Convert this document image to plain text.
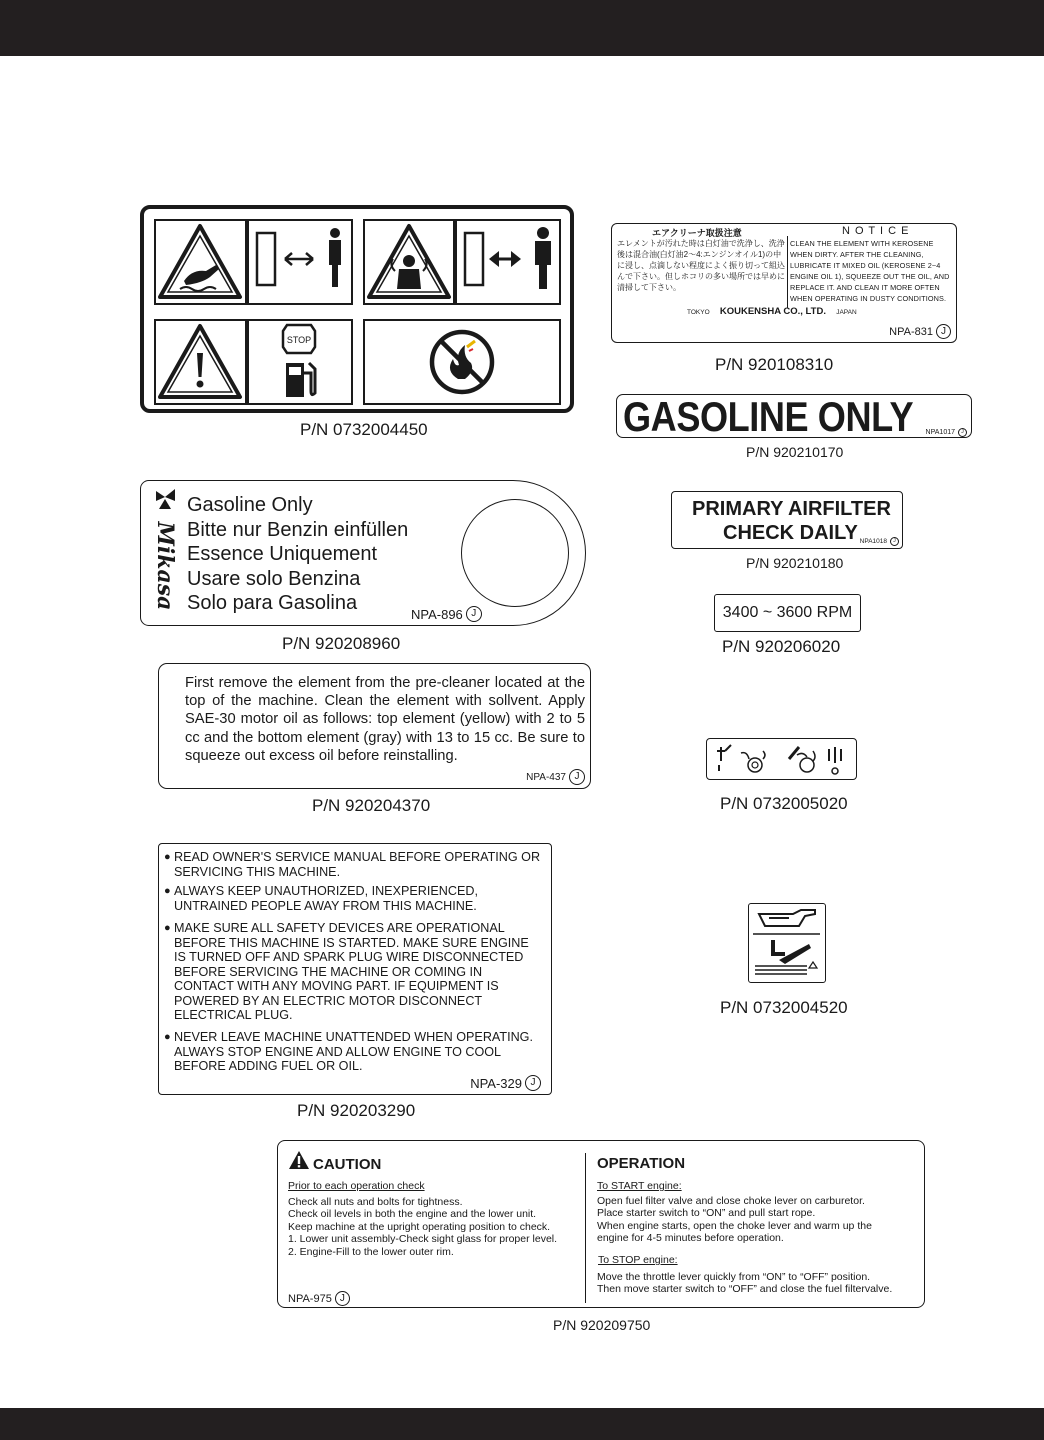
STOP
P/N 0732004450
エアクリーナ取扱注意	N O T I C E
エレメントが汚れた時は白灯油で洗浄し、洗浄後は混合油(白灯油2〜4:エンジンオイル1)の中に浸し、点滴しない程度によく振り切って組込んで下さい。但しホコリの多い場所では早めに清掃して下さい。
CLEAN THE ELEMENT WITH KEROSENE WHEN DIRTY. AFTER THE CLEANING, LUBRICATE IT MIXED OIL (KEROSENE 2~4 ENGINE OIL 1), SQUEEZE OUT THE OIL, AND REPLACE IT. AND CLEAN IT MORE OFTEN WHEN OPERATING IN DUSTY CONDITIONS.
TOKYO KOUKENSHA CO., LTD. JAPAN
NPA-831 J
P/N 920108310
GASOLINE ONLY NPA1017	J
P/N 920210170
Mikasa
Gasoline Only
Bitte nur Benzin einfüllen
Essence Uniquement
Usare solo Benzina
Solo para Gasolina	NPA-896 J
P/N 920208960
PRIMARY AIRFILTER
CHECK DAILY NPA1018	J
P/N 920210180
3400 ~ 3600 RPM
P/N 920206020
First remove the element from the pre-cleaner located at the top of the machine. Clean the element with sollvent. Apply SAE-30 motor oil as follows: top element (yellow) with 2 to 5 cc and the bottom element (gray) with 13 to 15 cc. Be sure to squeeze out excess oil before reinstalling.
NPA-437 J
P/N 920204370	P/N 0732005020
P/N 0732004520
● READ OWNER'S SERVICE MANUAL BEFORE OPERATING OR
SERVICING THIS MACHINE.
● ALWAYS KEEP UNAUTHORIZED, INEXPERIENCED,
UNTRAINED PEOPLE AWAY FROM THIS MACHINE.
● MAKE SURE ALL SAFETY DEVICES ARE OPERATIONAL
BEFORE THIS MACHINE IS STARTED. MAKE SURE ENGINE
IS TURNED OFF AND SPARK PLUG WIRE DISCONNECTED
BEFORE SERVICING THE MACHINE OR COMING IN
CONTACT WITH ANY MOVING PART. IF EQUIPMENT IS
POWERED BY AN ELECTRIC MOTOR DISCONNECT
ELECTRICAL PLUG.
● NEVER LEAVE MACHINE UNATTENDED WHEN OPERATING.
ALWAYS STOP ENGINE AND ALLOW ENGINE TO COOL
BEFORE ADDING FUEL OR OIL.
NPA-329 J
P/N 920203290
CAUTION
Prior to each operation check
Check all nuts and bolts for tightness.
Check oil levels in both the engine and the lower unit.
Keep machine at the upright operating position to check.
1. Lower unit assembly-Check sight glass for proper level.
2. Engine-Fill to the lower outer rim.
OPERATION
To START engine:
Open fuel filter valve and close choke lever on carburetor.
Place starter switch to “ON” and pull start rope.
When engine starts, open the choke lever and warm up the
engine for 4-5 minutes before operation.
To STOP engine:
Move the throttle lever quickly from “ON” to “OFF” position.
Then move starter switch to “OFF” and close the fuel filtervalve.
NPA-975 J
P/N 920209750
